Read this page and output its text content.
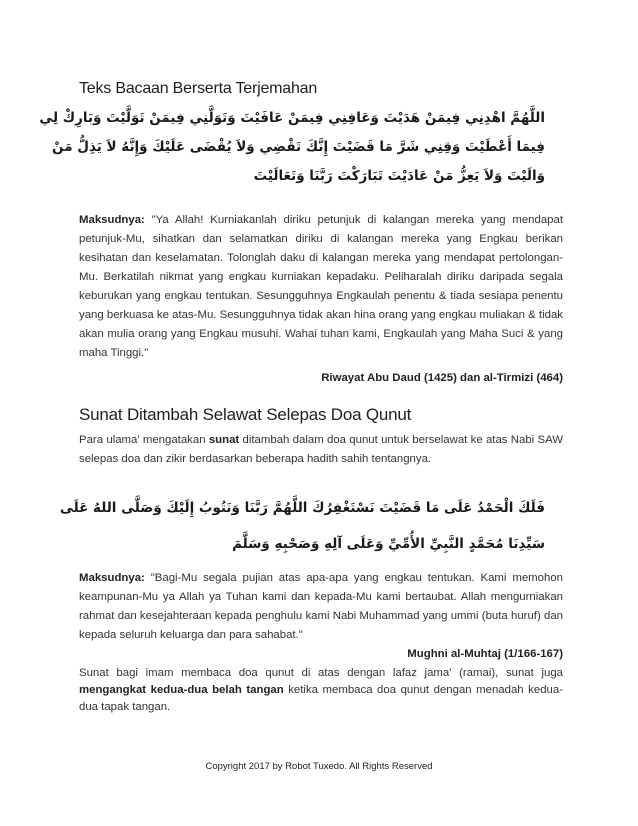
Teks Bacaan Berserta Terjemahan
اللَّهُمَّ اهْدِنِي فِيمَنْ هَدَيْتَ وَعَافِنِي فِيمَنْ عَافَيْتَ وَتَوَلَّنِي فِيمَنْ تَوَلَّيْتَ وَبَارِكْ لِي
فِيمَا أَعْطَيْتَ وَقِنِي شَرَّ مَا قَضَيْتَ إِنَّكَ تَقْضِي وَلاَ يُقْضَى عَلَيْكَ وَإِنَّهُ لاَ يَذِلُّ مَنْ
وَالَيْتَ وَلاَ يَعِزُّ مَنْ عَادَيْتَ تَبَارَكْتَ رَبَّنَا وَتَعَالَيْتَ

Maksudnya: "Ya Allah! Kurniakanlah diriku petunjuk di kalangan mereka yang mendapat petunjuk-Mu, sihatkan dan selamatkan diriku di kalangan mereka yang Engkau berikan kesihatan dan keselamatan. Tolonglah daku di kalangan mereka yang mendapat pertolongan-Mu. Berkatilah nikmat yang engkau kurniakan kepadaku. Peliharalah diriku daripada segala keburukan yang engkau tentukan. Sesungguhnya Engkaulah penentu & tiada sesiapa penentu yang berkuasa ke atas-Mu. Sesungguhnya tidak akan hina orang yang engkau muliakan & tidak akan mulia orang yang Engkau musuhi. Wahai tuhan kami, Engkaulah yang Maha Suci & yang maha Tinggi."

Riwayat Abu Daud (1425) dan al-Tirmizi (464)

Sunat Ditambah Selawat Selepas Doa Qunut

Para ulama' mengatakan sunat ditambah dalam doa qunut untuk berselawat ke atas Nabi SAW selepas doa dan zikir berdasarkan beberapa hadith sahih tentangnya.

فَلَكَ الْحَمْدُ عَلَى مَا قَضَيْتَ نَسْتَغْفِرُكَ اللَّهُمَّ رَبَّنَا وَنَتُوبُ إِلَيْكَ وَصَلَّى اللهُ عَلَى
سَيِّدِنَا مُحَمَّدٍ النَّبِيِّ الأُمِّيِّ وَعَلَى آلِهِ وَصَحْبِهِ وَسَلَّمَ

Maksudnya: "Bagi-Mu segala pujian atas apa-apa yang engkau tentukan. Kami memohon keampunan-Mu ya Allah ya Tuhan kami dan kepada-Mu kami bertaubat. Allah mengurniakan rahmat dan kesejahteraan kepada penghulu kami Nabi Muhammad yang ummi (buta huruf) dan kepada seluruh keluarga dan para sahabat."

Mughni al-Muhtaj (1/166-167)

Sunat bagi imam membaca doa qunut di atas dengan lafaz jama' (ramai), sunat juga mengangkat kedua-dua belah tangan ketika membaca doa qunut dengan menadah kedua-dua tapak tangan.

Copyright 2017 by Robot Tuxedo. All Rights Reserved
